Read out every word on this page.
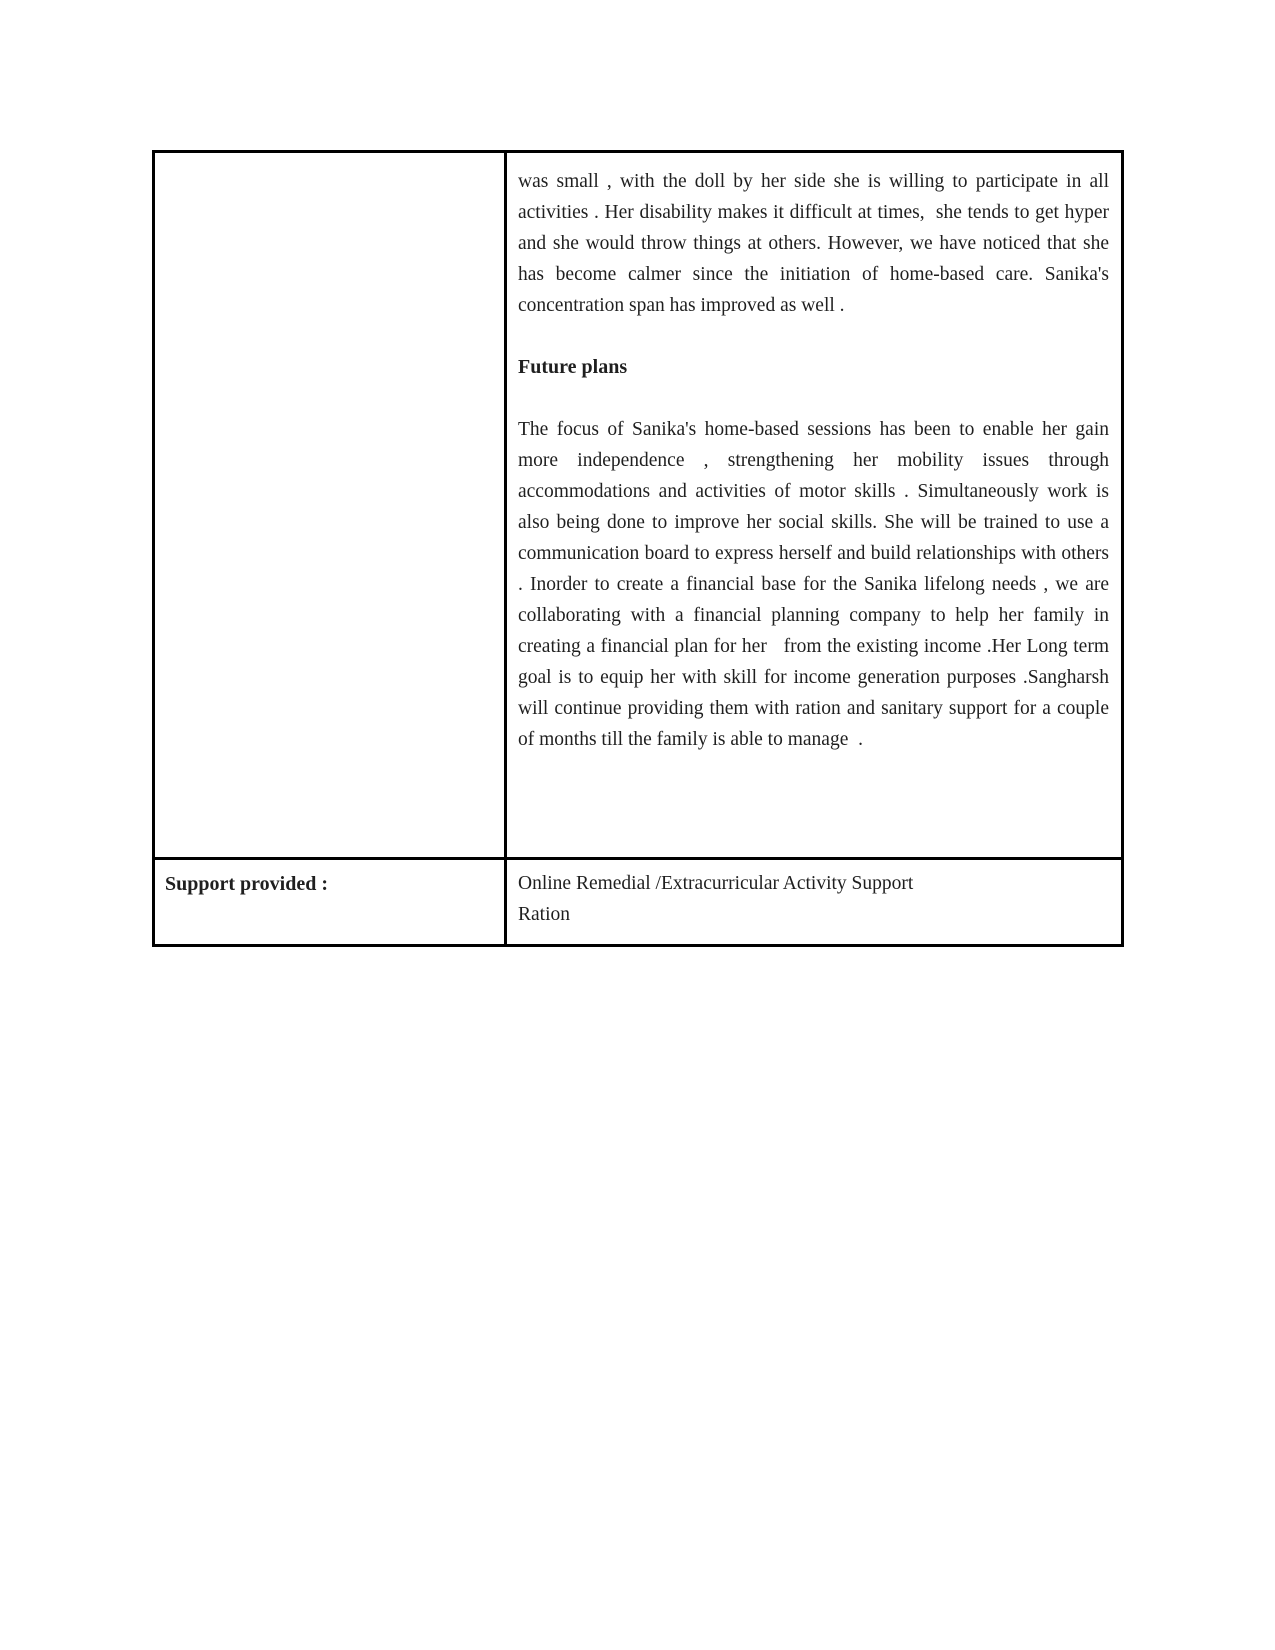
was small , with the doll by her side she is willing to participate in all activities . Her disability makes it difficult at times,  she tends to get hyper and she would throw things at others. However, we have noticed that she has become calmer since the initiation of home-based care. Sanika's concentration span has improved as well .

Future plans

The focus of Sanika's home-based sessions has been to enable her gain more independence , strengthening her mobility issues through accommodations and activities of motor skills . Simultaneously work is also being done to improve her social skills. She will be trained to use a communication board to express herself and build relationships with others . Inorder to create a financial base for the Sanika lifelong needs , we are collaborating with a financial planning company to help her family in creating a financial plan for her   from the existing income .Her Long term goal is to equip her with skill for income generation purposes .Sangharsh will continue providing them with ration and sanitary support for a couple of months till the family is able to manage  .

Support provided :	Online Remedial /Extracurricular Activity Support
Ration
